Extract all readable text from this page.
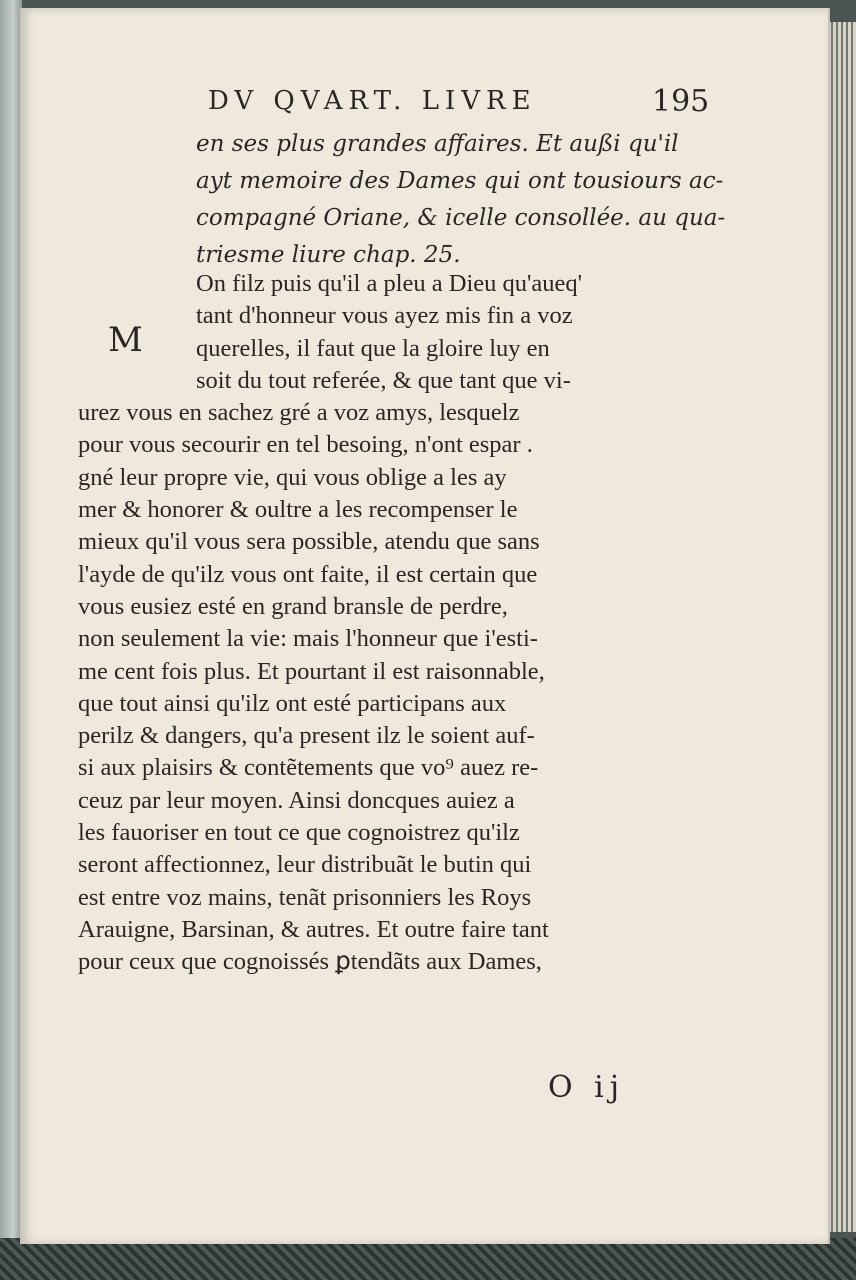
DV QVART. LIVRE	195
en ses plus grandes affaires. Et außi qu'il
ayt memoire des Dames qui ont tousiours ac-
compagné Oriane, & icelle consollée. au qua-
triesme liure chap. 25.
M
On filz puis qu'il a pleu a Dieu qu'aueq'
tant d'honneur vous ayez mis fin a voz
querelles, il faut que la gloire luy en
soit du tout referée, & que tant que vi-
urez vous en sachez gré a voz amys, lesquelz
pour vous secourir en tel besoing, n'ont espar .
gné leur propre vie, qui vous oblige a les ay
mer & honorer & oultre a les recompenser le
mieux qu'il vous sera possible, atendu que sans
l'ayde de qu'ilz vous ont faite, il est certain que
vous eusiez esté en grand bransle de perdre,
non seulement la vie: mais l'honneur que i'esti-
me cent fois plus. Et pourtant il est raisonnable,
que tout ainsi qu'ilz ont esté participans aux
perilz & dangers, qu'a present ilz le soient auf-
si aux plaisirs & contẽtements que vo⁹ auez re-
ceuz par leur moyen. Ainsi doncques auiez a
les fauoriser en tout ce que cognoistrez qu'ilz
seront affectionnez, leur distribuãt le butin qui
est entre voz mains, tenãt prisonniers les Roys
Arauigne, Barsinan, & autres. Et outre faire tant
pour ceux que cognoissés ꝑtendãts aux Dames,
O ij
